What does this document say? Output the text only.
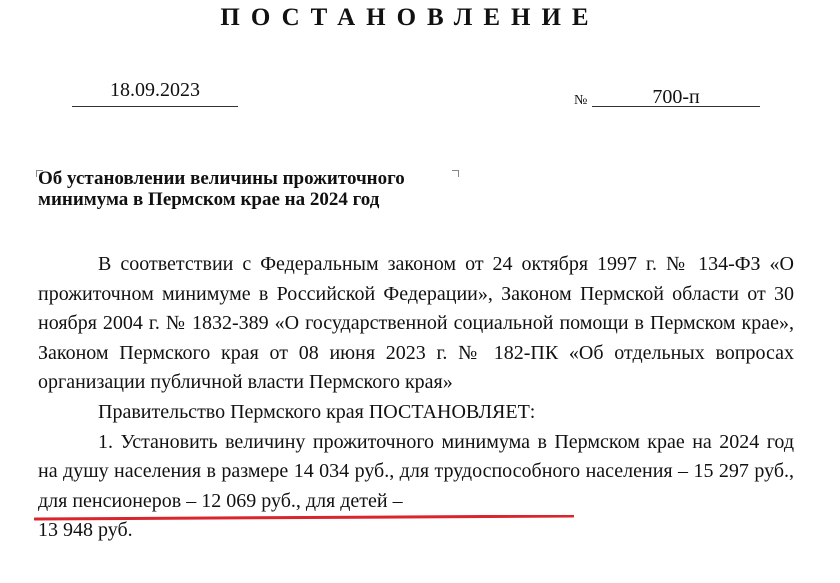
ПОСТАНОВЛЕНИЕ
18.09.2023	№	700-п
Об установлении величины прожиточного
минимума в Пермском крае на 2024 год

В соответствии с Федеральным законом от 24 октября 1997 г. № 134-ФЗ «О прожиточном минимуме в Российской Федерации», Законом Пермской области от 30 ноября 2004 г. № 1832-389 «О государственной социальной помощи в Пермском крае», Законом Пермского края от 08 июня 2023 г. № 182-ПК «Об отдельных вопросах организации публичной власти Пермского края»

Правительство Пермского края ПОСТАНОВЛЯЕТ:

1. Установить величину прожиточного минимума в Пермском крае на 2024 год на душу населения в размере 14 034 руб., для трудоспособного населения – 15 297 руб., для пенсионеров – 12 069 руб., для детей –
13 948 руб.
